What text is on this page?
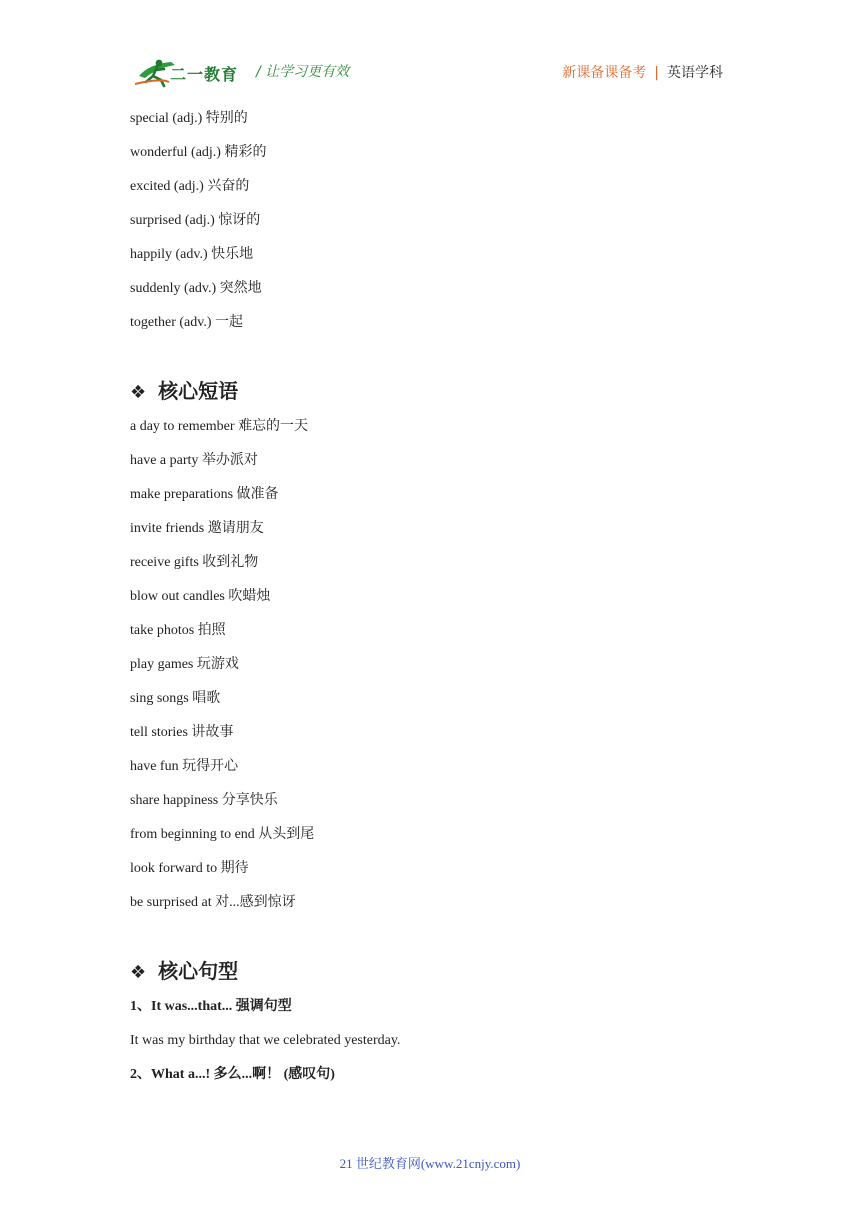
二一教育 / 让学习更有效	新课备课备考 | 英语学科
special (adj.) 特别的
wonderful (adj.) 精彩的
excited (adj.) 兴奋的
surprised (adj.) 惊讶的
happily (adv.) 快乐地
suddenly (adv.) 突然地
together (adv.) 一起
❖ 核心短语
a day to remember 难忘的一天
have a party 举办派对
make preparations 做准备
invite friends 邀请朋友
receive gifts 收到礼物
blow out candles 吹蜡烛
take photos 拍照
play games 玩游戏
sing songs 唱歌
tell stories 讲故事
have fun 玩得开心
share happiness 分享快乐
from beginning to end 从头到尾
look forward to 期待
be surprised at 对...感到惊讶
❖ 核心句型
1、It was...that... 强调句型
It was my birthday that we celebrated yesterday.
2、What a...! 多么...啊！ (感叹句)
21 世纪教育网(www.21cnjy.com)
